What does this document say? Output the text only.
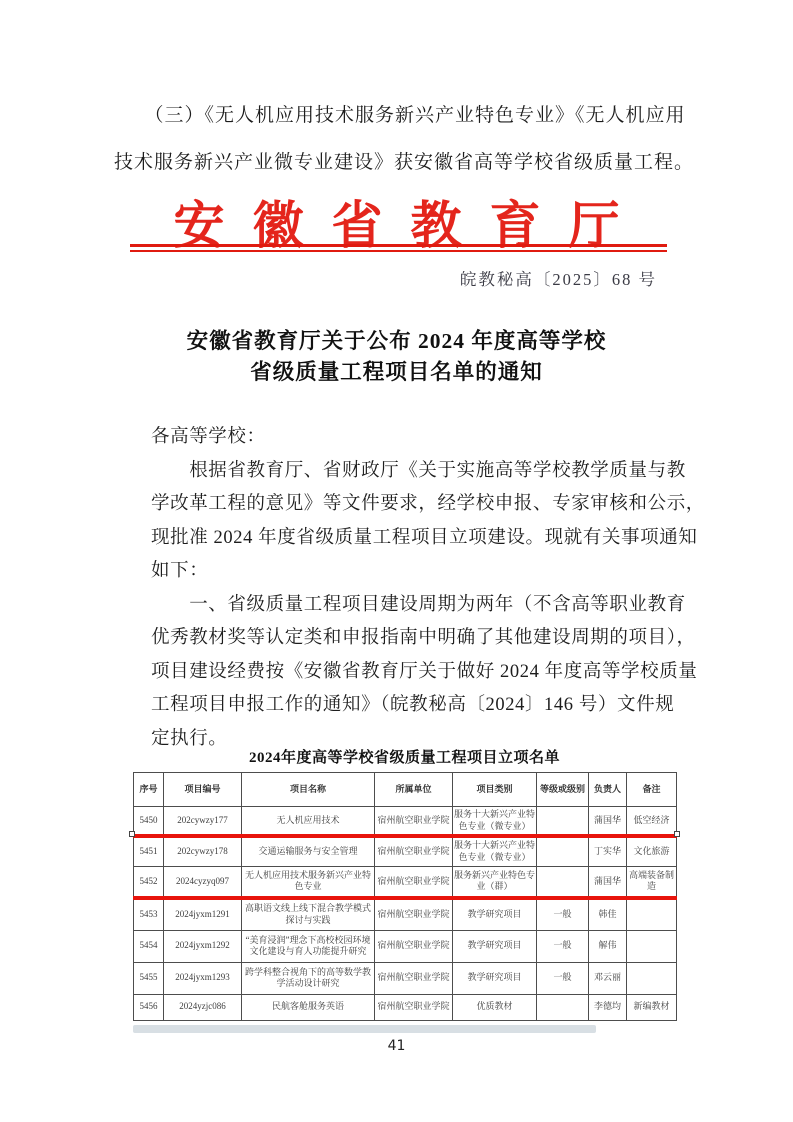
　　（三）《无人机应用技术服务新兴产业特色专业》《无人机应用
技术服务新兴产业微专业建设》获安徽省高等学校省级质量工程。
安徽省教育厅
皖教秘高〔2025〕68 号
安徽省教育厅关于公布 2024 年度高等学校
省级质量工程项目名单的通知
各高等学校：
　　根据省教育厅、省财政厅《关于实施高等学校教学质量与教
学改革工程的意见》等文件要求，经学校申报、专家审核和公示，
现批准 2024 年度省级质量工程项目立项建设。现就有关事项通知
如下：
　　一、省级质量工程项目建设周期为两年（不含高等职业教育
优秀教材奖等认定类和申报指南中明确了其他建设周期的项目），
项目建设经费按《安徽省教育厅关于做好 2024 年度高等学校质量
工程项目申报工作的通知》（皖教秘高〔2024〕146 号）文件规
定执行。
2024年度高等学校省级质量工程项目立项名单
序号	项目编号	项目名称	所属单位	项目类别	等级或级别	负责人	备注
5450	202cywzy177	无人机应用技术	宿州航空职业学院	服务十大新兴产业特色专业（微专业）		蒲国华	低空经济
5451	202cywzy178	交通运输服务与安全管理	宿州航空职业学院	服务十大新兴产业特色专业（微专业）		丁实华	文化旅游
5452	2024cyzyq097	无人机应用技术服务新兴产业特色专业	宿州航空职业学院	服务新兴产业特色专业（群）		蒲国华	高端装备制造
5453	2024jyxm1291	高职语文线上线下混合教学模式探讨与实践	宿州航空职业学院	教学研究项目	一般	韩佳	
5454	2024jyxm1292	“美育浸润”理念下高校校园环境文化建设与育人功能提升研究	宿州航空职业学院	教学研究项目	一般	解伟	
5455	2024jyxm1293	跨学科整合视角下的高等数学教学活动设计研究	宿州航空职业学院	教学研究项目	一般	邓云丽	
5456	2024yzjc086	民航客舱服务英语	宿州航空职业学院	优质教材		李德均	新编教材
41
